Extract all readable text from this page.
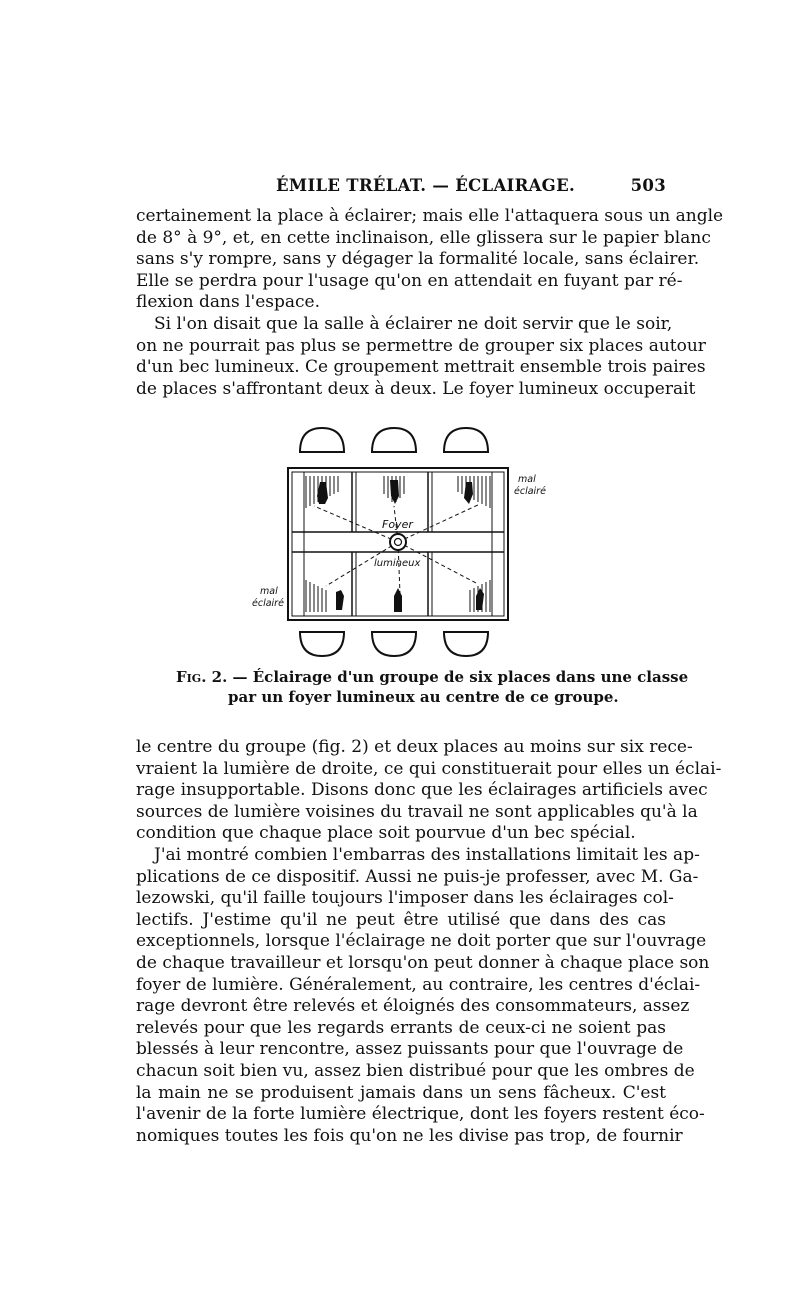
ÉMILE TRÉLAT. — ÉCLAIRAGE.	503
certainement la place à éclairer; mais elle l'attaquera sous un angle
de 8° à 9°, et, en cette inclinaison, elle glissera sur le papier blanc
sans s'y rompre, sans y dégager la formalité locale, sans éclairer.
Elle se perdra pour l'usage qu'on en attendait en fuyant par ré-
flexion dans l'espace.
Si l'on disait que la salle à éclairer ne doit servir que le soir,
on ne pourrait pas plus se permettre de grouper six places autour
d'un bec lumineux. Ce groupement mettrait ensemble trois paires
de places s'affrontant deux à deux. Le foyer lumineux occuperait
Foyer
lumineux
mal
éclairé
mal
éclairé
Fig. 2. — Éclairage d'un groupe de six places dans une classe
par un foyer lumineux au centre de ce groupe.
le centre du groupe (fig. 2) et deux places au moins sur six rece-
vraient la lumière de droite, ce qui constituerait pour elles un éclai-
rage insupportable. Disons donc que les éclairages artificiels avec
sources de lumière voisines du travail ne sont applicables qu'à la
condition que chaque place soit pourvue d'un bec spécial.
J'ai montré combien l'embarras des installations limitait les ap-
plications de ce dispositif. Aussi ne puis-je professer, avec M. Ga-
lezowski, qu'il faille toujours l'imposer dans les éclairages col-
lectifs. J'estime qu'il ne peut être utilisé que dans des cas
exceptionnels, lorsque l'éclairage ne doit porter que sur l'ouvrage
de chaque travailleur et lorsqu'on peut donner à chaque place son
foyer de lumière. Généralement, au contraire, les centres d'éclai-
rage devront être relevés et éloignés des consommateurs, assez
relevés pour que les regards errants de ceux-ci ne soient pas
blessés à leur rencontre, assez puissants pour que l'ouvrage de
chacun soit bien vu, assez bien distribué pour que les ombres de
la main ne se produisent jamais dans un sens fâcheux. C'est
l'avenir de la forte lumière électrique, dont les foyers restent éco-
nomiques toutes les fois qu'on ne les divise pas trop, de fournir
